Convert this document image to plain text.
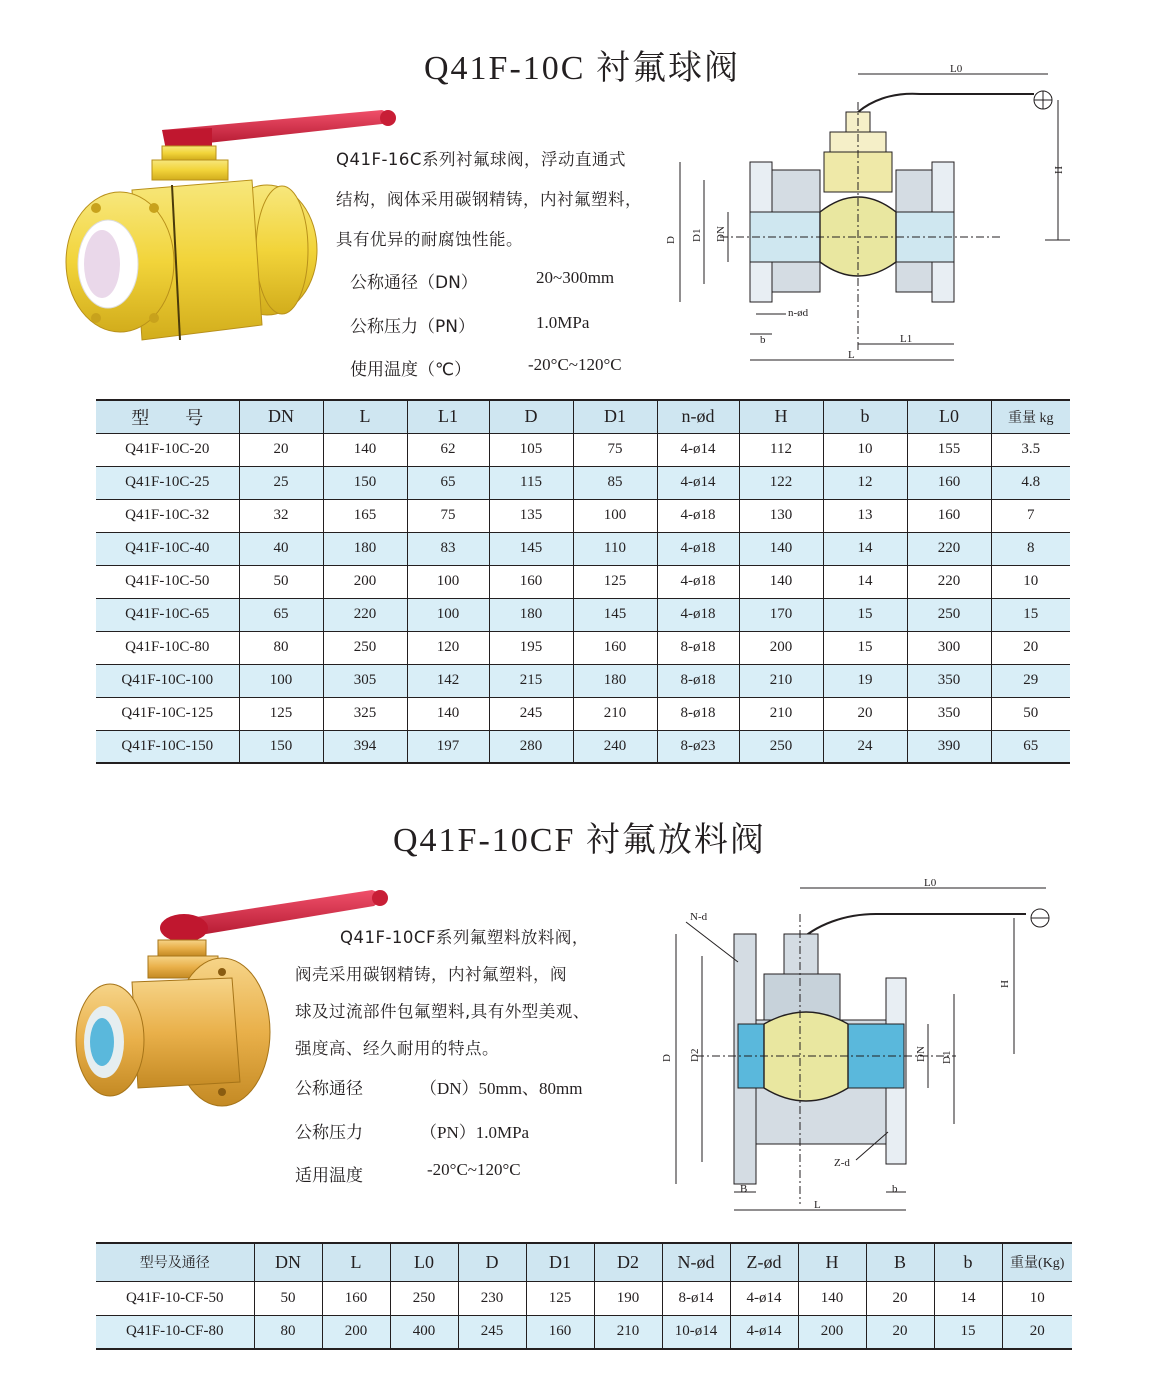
Q41F-10C 衬氟球阀
Q41F-16C系列衬氟球阀，浮动直通式
结构，阀体采用碳钢精铸，内衬氟塑料，
具有优异的耐腐蚀性能。
公称通径（DN）	20~300mm
公称压力（PN）	1.0MPa
使用温度（℃）	-20°C~120°C
L0
H
D D1 DN
n-ød
b	L1
L
型　　号	DN	L	L1	D	D1	n-ød	H	b	L0	重量 kg
Q41F-10C-20	20	140	62	105	75	4-ø14	112	10	155	3.5
Q41F-10C-25	25	150	65	115	85	4-ø14	122	12	160	4.8
Q41F-10C-32	32	165	75	135	100	4-ø18	130	13	160	7
Q41F-10C-40	40	180	83	145	110	4-ø18	140	14	220	8
Q41F-10C-50	50	200	100	160	125	4-ø18	140	14	220	10
Q41F-10C-65	65	220	100	180	145	4-ø18	170	15	250	15
Q41F-10C-80	80	250	120	195	160	8-ø18	200	15	300	20
Q41F-10C-100	100	305	142	215	180	8-ø18	210	19	350	29
Q41F-10C-125	125	325	140	245	210	8-ø18	210	20	350	50
Q41F-10C-150	150	394	197	280	240	8-ø23	250	24	390	65
Q41F-10CF 衬氟放料阀
Q41F-10CF系列氟塑料放料阀，
阀壳采用碳钢精铸，内衬氟塑料，阀
球及过流部件包氟塑料,具有外型美观、
强度高、经久耐用的特点。
公称通径	（DN）50mm、80mm
公称压力	（PN）1.0MPa
适用温度	-20°C~120°C
L0
H
N-d
D D2	DN D1
Z-d
B	b
L
型号及通径	DN	L	L0	D	D1	D2	N-ød	Z-ød	H	B	b	重量(Kg)
Q41F-10-CF-50	50	160	250	230	125	190	8-ø14	4-ø14	140	20	14	10
Q41F-10-CF-80	80	200	400	245	160	210	10-ø14	4-ø14	200	20	15	20
